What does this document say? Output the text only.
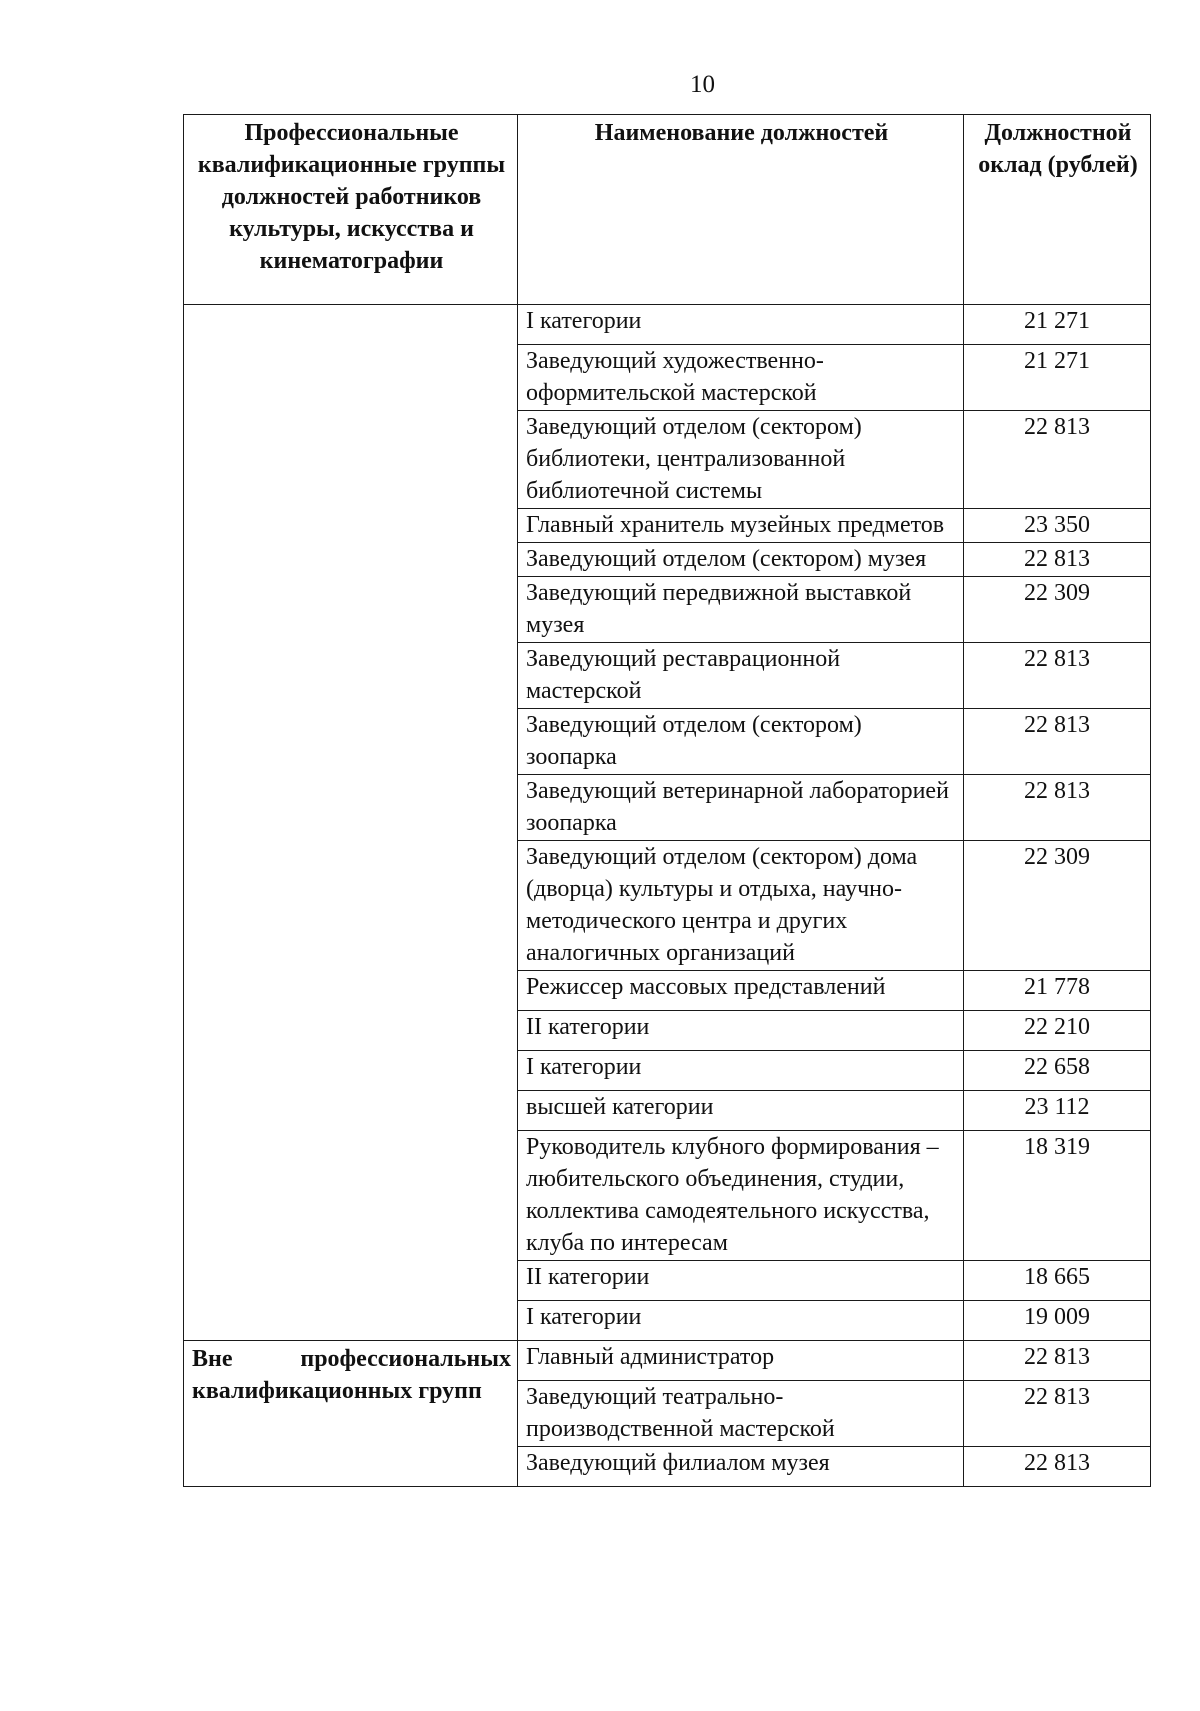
10
Профессиональные квалификационные группы должностей работников культуры, искусства и кинематографии	Наименование должностей	Должностной оклад (рублей)
	I категории	21 271
	Заведующий художественно-оформительской мастерской	21 271
	Заведующий отделом (сектором) библиотеки, централизованной библиотечной системы	22 813
	Главный хранитель музейных предметов	23 350
	Заведующий отделом (сектором) музея	22 813
	Заведующий передвижной выставкой музея	22 309
	Заведующий реставрационной мастерской	22 813
	Заведующий отделом (сектором) зоопарка	22 813
	Заведующий ветеринарной лабораторией зоопарка	22 813
	Заведующий отделом (сектором) дома (дворца) культуры и отдыха, научно-методического центра и других аналогичных организаций	22 309
	Режиссер массовых представлений	21 778
	II категории	22 210
	I категории	22 658
	высшей категории	23 112
	Руководитель клубного формирования – любительского объединения, студии, коллектива самодеятельного искусства, клуба по интересам	18 319
	II категории	18 665
	I категории	19 009
Вне профессиональных квалификационных групп	Главный администратор	22 813
	Заведующий театрально-производственной мастерской	22 813
	Заведующий филиалом музея	22 813
